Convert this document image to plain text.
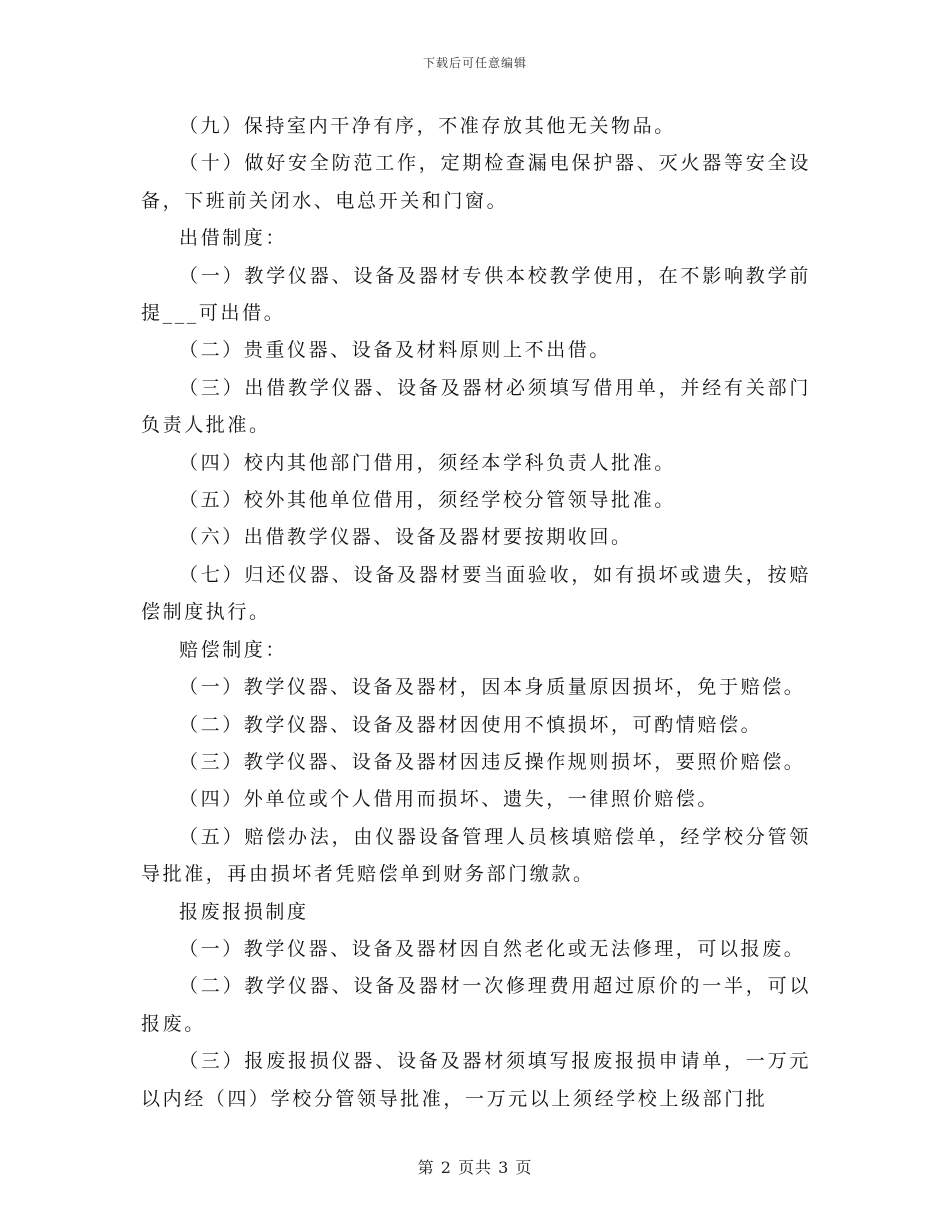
下载后可任意编辑

（九）保持室内干净有序，不准存放其他无关物品。

（十）做好安全防范工作，定期检查漏电保护器、灭火器等安全设备，下班前关闭水、电总开关和门窗。

出借制度：

（一）教学仪器、设备及器材专供本校教学使用，在不影响教学前提___可出借。

（二）贵重仪器、设备及材料原则上不出借。

（三）出借教学仪器、设备及器材必须填写借用单，并经有关部门负责人批准。

（四）校内其他部门借用，须经本学科负责人批准。

（五）校外其他单位借用，须经学校分管领导批准。

（六）出借教学仪器、设备及器材要按期收回。

（七）归还仪器、设备及器材要当面验收，如有损坏或遗失，按赔偿制度执行。

赔偿制度：

（一）教学仪器、设备及器材，因本身质量原因损坏，免于赔偿。

（二）教学仪器、设备及器材因使用不慎损坏，可酌情赔偿。

（三）教学仪器、设备及器材因违反操作规则损坏，要照价赔偿。

（四）外单位或个人借用而损坏、遗失，一律照价赔偿。

（五）赔偿办法，由仪器设备管理人员核填赔偿单，经学校分管领导批准，再由损坏者凭赔偿单到财务部门缴款。

报废报损制度

（一）教学仪器、设备及器材因自然老化或无法修理，可以报废。

（二）教学仪器、设备及器材一次修理费用超过原价的一半，可以报废。

（三）报废报损仪器、设备及器材须填写报废报损申请单，一万元以内经（四）学校分管领导批准，一万元以上须经学校上级部门批

第 2 页共 3 页
